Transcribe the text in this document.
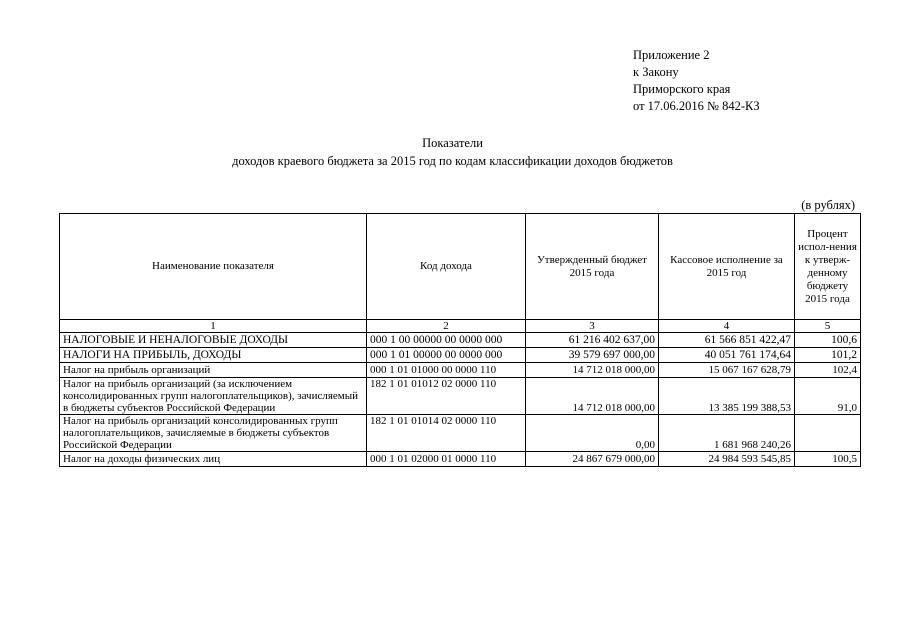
Приложение 2
к Закону
Приморского края
от 17.06.2016 № 842-КЗ
Показатели
доходов краевого бюджета за 2015 год по кодам классификации доходов бюджетов
(в рублях)
Наименование показателя	Код дохода	Утвержденный бюджет 2015 года	Кассовое исполнение за 2015 год	Процент испол-нения к утверж-денному бюджету 2015 года
1	2	3	4	5
НАЛОГОВЫЕ И НЕНАЛОГОВЫЕ ДОХОДЫ	000 1 00 00000 00 0000 000	61 216 402 637,00	61 566 851 422,47	100,6
НАЛОГИ НА ПРИБЫЛЬ, ДОХОДЫ	000 1 01 00000 00 0000 000	39 579 697 000,00	40 051 761 174,64	101,2
Налог на прибыль организаций	000 1 01 01000 00 0000 110	14 712 018 000,00	15 067 167 628,79	102,4
Налог на прибыль организаций (за исключением консолидированных групп налогоплательщиков), зачисляемый в бюджеты субъектов Российской Федерации	182 1 01 01012 02 0000 110	14 712 018 000,00	13 385 199 388,53	91,0
Налог на прибыль организаций консолидированных групп налогоплательщиков, зачисляемые в бюджеты субъектов Российской Федерации	182 1 01 01014 02 0000 110	0,00	1 681 968 240,26	
Налог на доходы физических лиц	000 1 01 02000 01 0000 110	24 867 679 000,00	24 984 593 545,85	100,5
